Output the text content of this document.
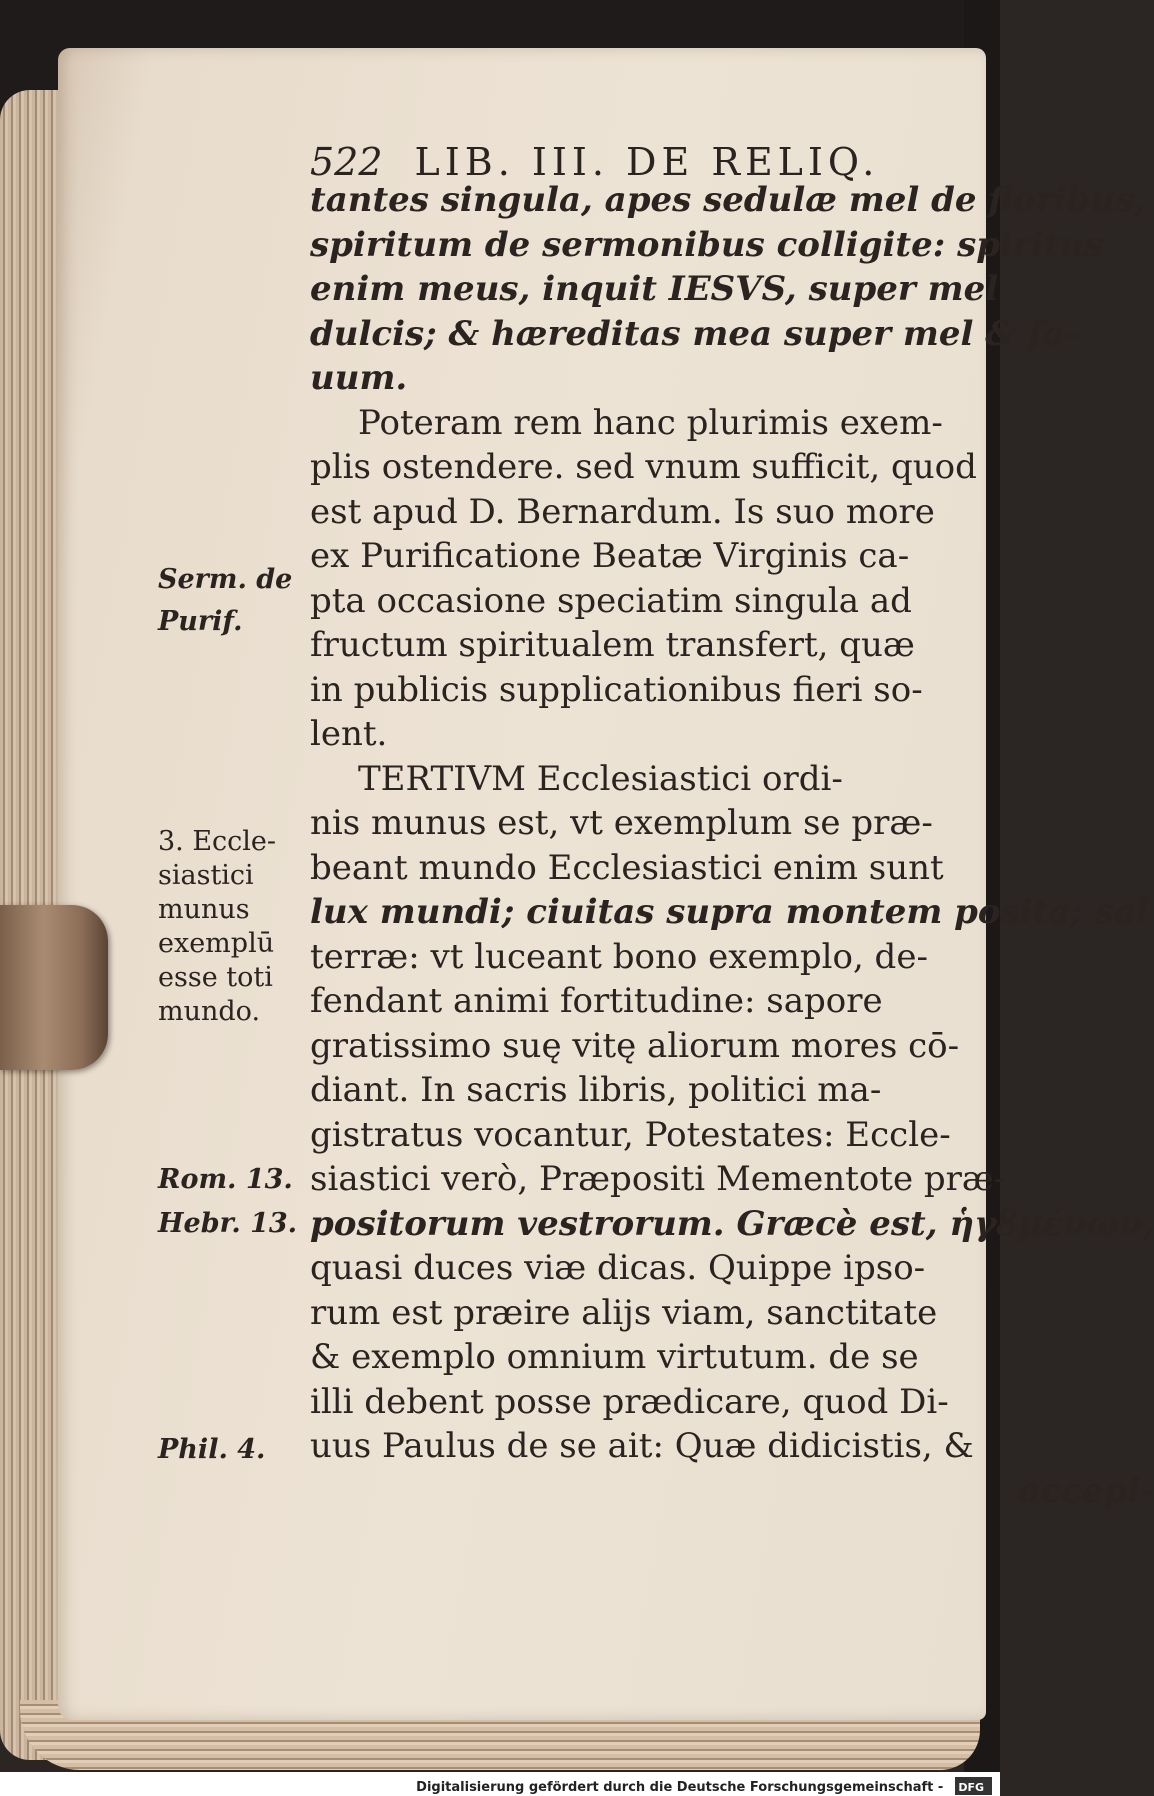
522 LIB. III. DE RELIQ.

tantes singula, apes sedulæ mel de floribus,

spiritum de sermonibus colligite: spiritus

enim meus, inquit IESVS, super mel

dulcis; & hæreditas mea super mel & fa-

uum.

Poteram rem hanc plurimis exem-

plis ostendere. sed vnum sufficit, quod

est apud D. Bernardum. Is suo more

ex Purificatione Beatæ Virginis ca-

pta occasione speciatim singula ad

fructum spiritualem transfert, quæ

in publicis supplicationibus fieri so-

lent.

TERTIVM Ecclesiastici ordi-

nis munus est, vt exemplum se præ-

beant mundo Ecclesiastici enim sunt

lux mundi; ciuitas supra montem posita; sal

terræ: vt luceant bono exemplo, de-

fendant animi fortitudine: sapore

gratissimo suę vitę aliorum mores cō-

diant. In sacris libris, politici ma-

gistratus vocantur, Potestates: Eccle-

siastici verò, Præpositi Mementote præ-

positorum vestrorum. Græcè est, ἡγȣμένων,

quasi duces viæ dicas. Quippe ipso-

rum est præire alijs viam, sanctitate

& exemplo omnium virtutum. de se

illi debent posse prædicare, quod Di-

uus Paulus de se ait: Quæ didicistis, &

accepi-

Serm. de
Purif.
3. Eccle-
siastici
munus
exemplū
esse toti
mundo.
Rom. 13.
Hebr. 13.
Phil. 4.
Digitalisierung gefördert durch die Deutsche Forschungsgemeinschaft - DFG
